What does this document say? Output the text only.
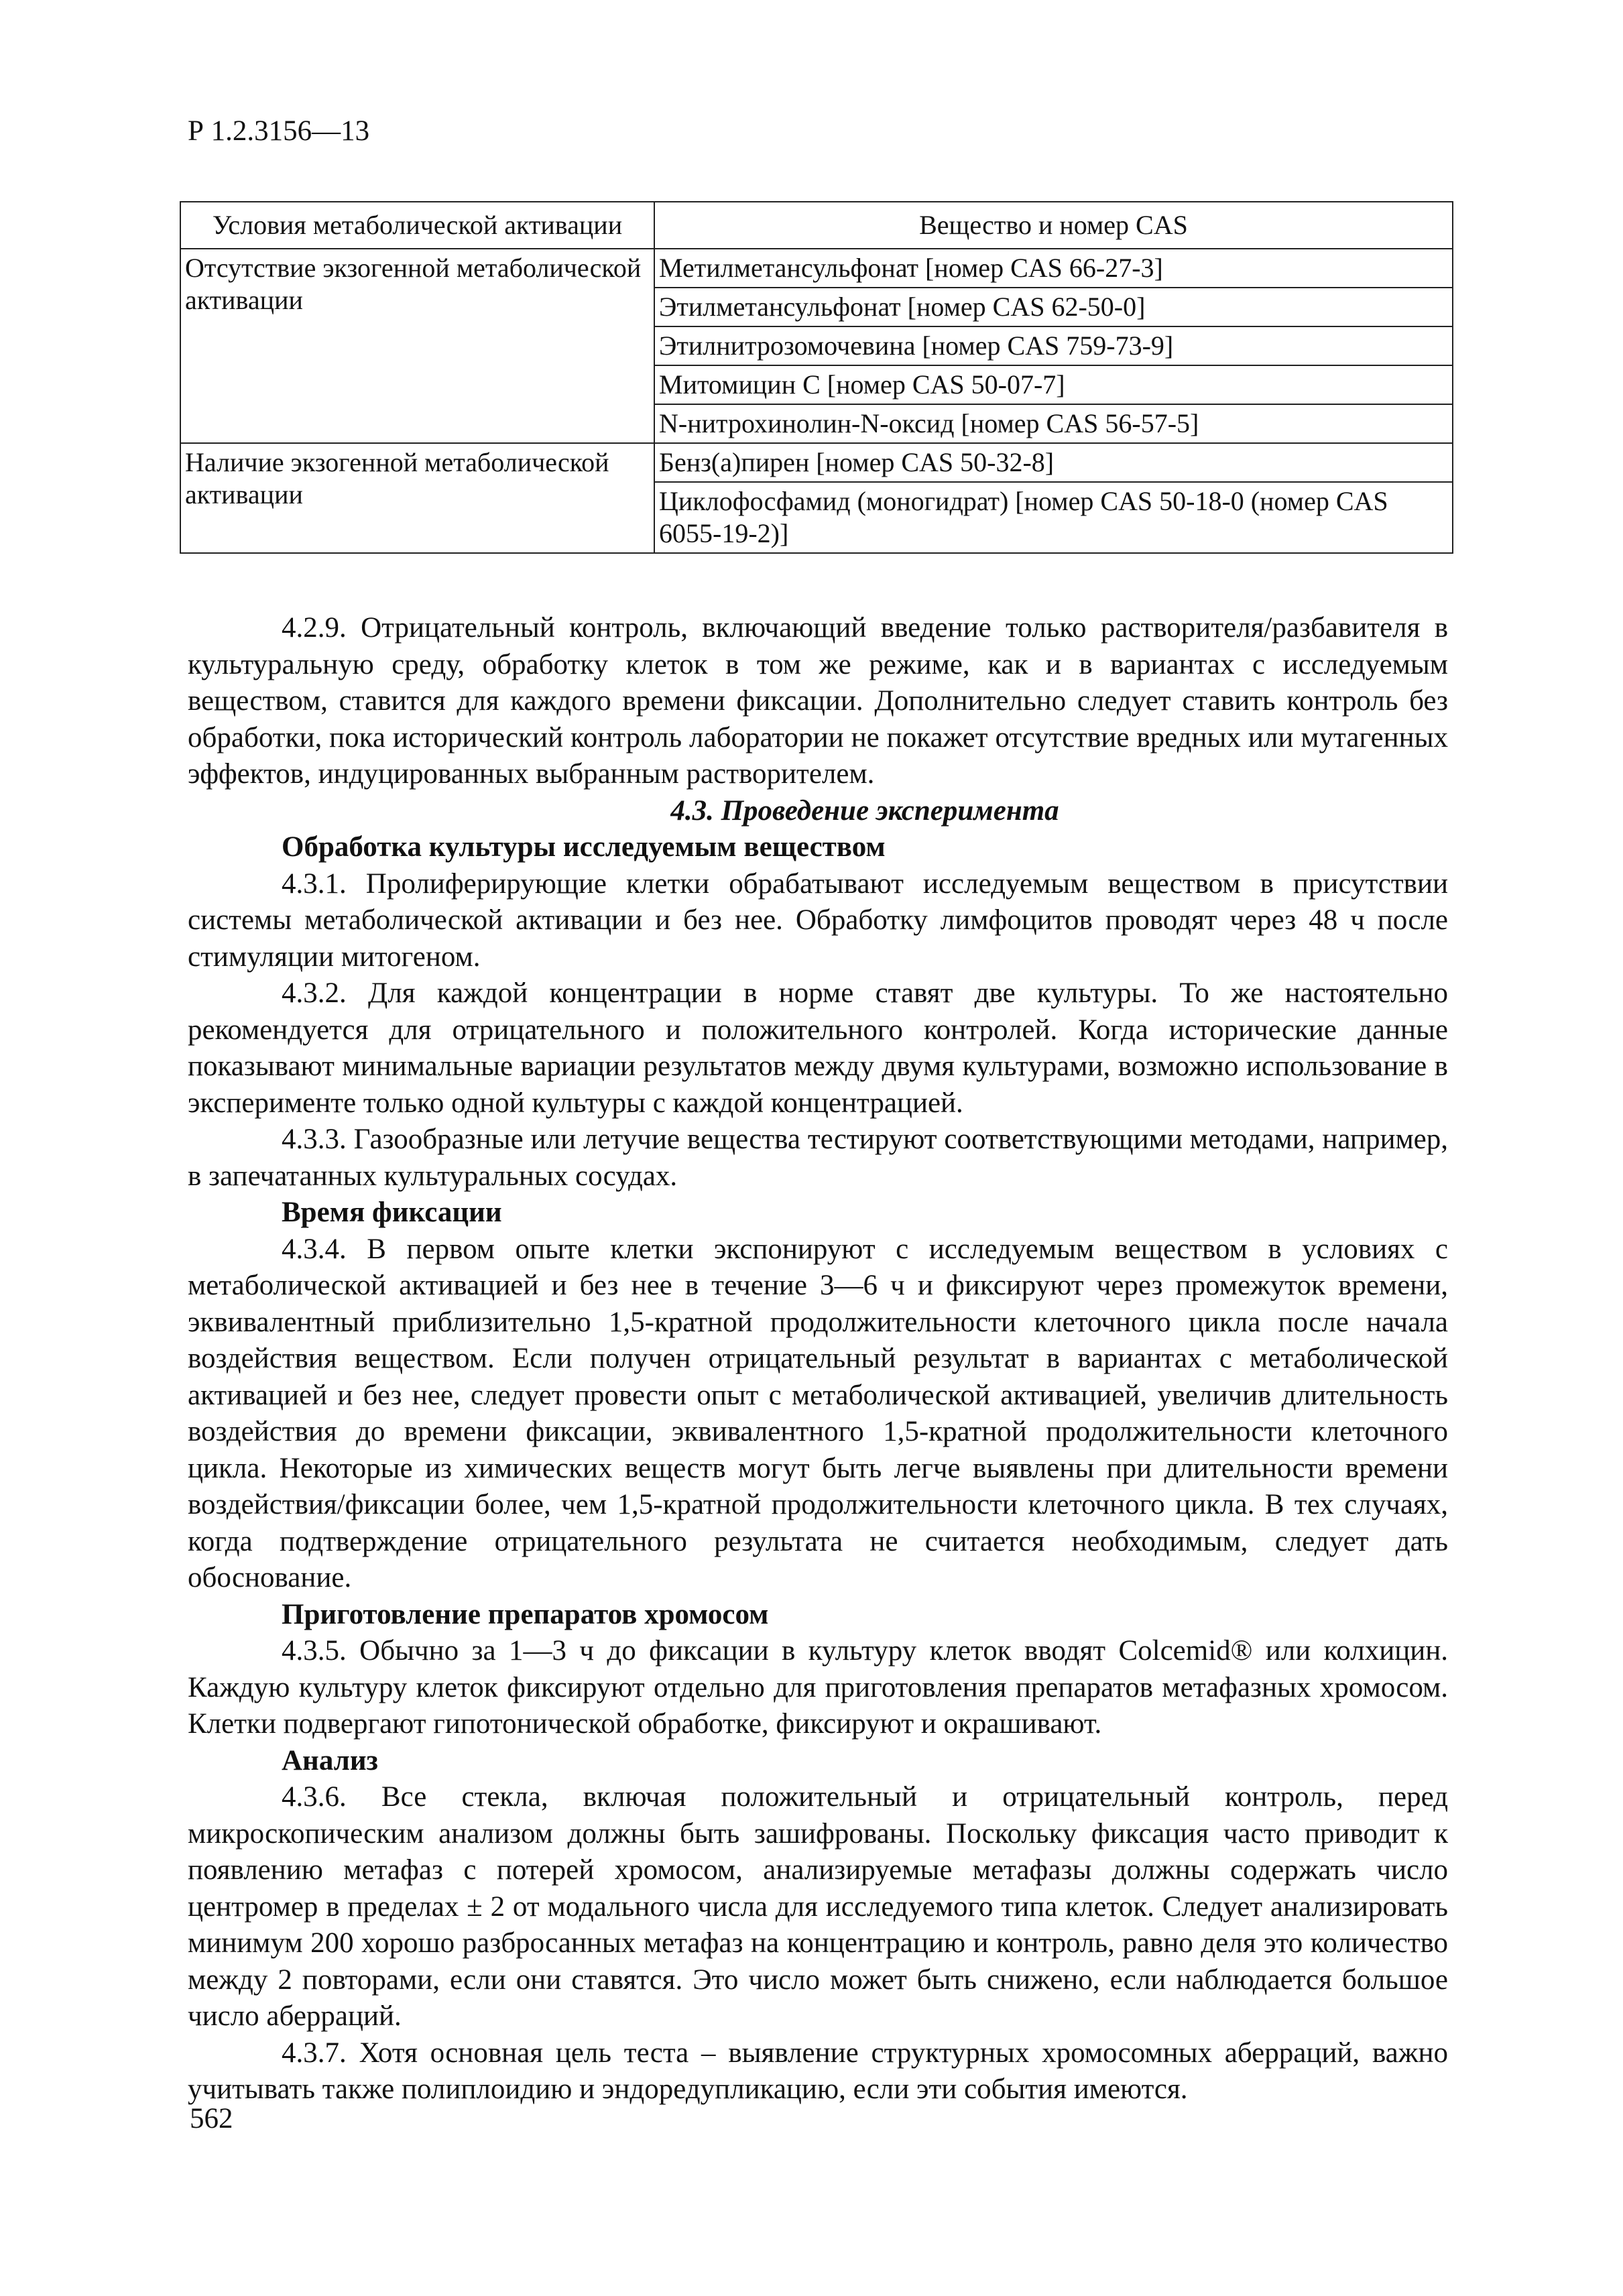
Р 1.2.3156—13
Условия метаболической активации	Вещество и номер CAS
Отсутствие экзогенной метаболической активации	Метилметансульфонат [номер CAS 66-27-3]
	Этилметансульфонат [номер CAS 62-50-0]
	Этилнитрозомочевина [номер CAS 759-73-9]
	Митомицин С [номер CAS 50-07-7]
	N-нитрохинолин-N-оксид [номер CAS 56-57-5]
Наличие экзогенной метаболической активации	Бенз(а)пирен [номер CAS 50-32-8]
	Циклофосфамид (моногидрат) [номер CAS 50-18-0 (номер CAS 6055-19-2)]

4.2.9. Отрицательный контроль, включающий введение только растворителя/разбавителя в культуральную среду, обработку клеток в том же режиме, как и в вариантах с исследуемым веществом, ставится для каждого времени фиксации. Дополнительно следует ставить контроль без обработки, пока исторический контроль лаборатории не покажет отсутствие вредных или мутагенных эффектов, индуцированных выбранным растворителем.

4.3. Проведение эксперимента

Обработка культуры исследуемым веществом

4.3.1. Пролиферирующие клетки обрабатывают исследуемым веществом в присутствии системы метаболической активации и без нее. Обработку лимфоцитов проводят через 48 ч после стимуляции митогеном.

4.3.2. Для каждой концентрации в норме ставят две культуры. То же настоятельно рекомендуется для отрицательного и положительного контролей. Когда исторические данные показывают минимальные вариации результатов между двумя культурами, возможно использование в эксперименте только одной культуры с каждой концентрацией.

4.3.3. Газообразные или летучие вещества тестируют соответствующими методами, например, в запечатанных культуральных сосудах.

Время фиксации

4.3.4. В первом опыте клетки экспонируют с исследуемым веществом в условиях с метаболической активацией и без нее в течение 3—6 ч и фиксируют через промежуток времени, эквивалентный приблизительно 1,5-кратной продолжительности клеточного цикла после начала воздействия веществом. Если получен отрицательный результат в вариантах с метаболической активацией и без нее, следует провести опыт с метаболической активацией, увеличив длительность воздействия до времени фиксации, эквивалентного 1,5-кратной продолжительности клеточного цикла. Некоторые из химических веществ могут быть легче выявлены при длительности времени воздействия/фиксации более, чем 1,5-кратной продолжительности клеточного цикла. В тех случаях, когда подтверждение отрицательного результата не считается необходимым, следует дать обоснование.

Приготовление препаратов хромосом

4.3.5. Обычно за 1—3 ч до фиксации в культуру клеток вводят Colcemid® или колхицин. Каждую культуру клеток фиксируют отдельно для приготовления препаратов метафазных хромосом. Клетки подвергают гипотонической обработке, фиксируют и окрашивают.

Анализ

4.3.6. Все стекла, включая положительный и отрицательный контроль, перед микроскопическим анализом должны быть зашифрованы. Поскольку фиксация часто приводит к появлению метафаз с потерей хромосом, анализируемые метафазы должны содержать число центромер в пределах ± 2 от модального числа для исследуемого типа клеток. Следует анализировать минимум 200 хорошо разбросанных метафаз на концентрацию и контроль, равно деля это количество между 2 повторами, если они ставятся. Это число может быть снижено, если наблюдается большое число аберраций.

4.3.7. Хотя основная цель теста – выявление структурных хромосомных аберраций, важно учитывать также полиплоидию и эндоредупликацию, если эти события имеются.

562
